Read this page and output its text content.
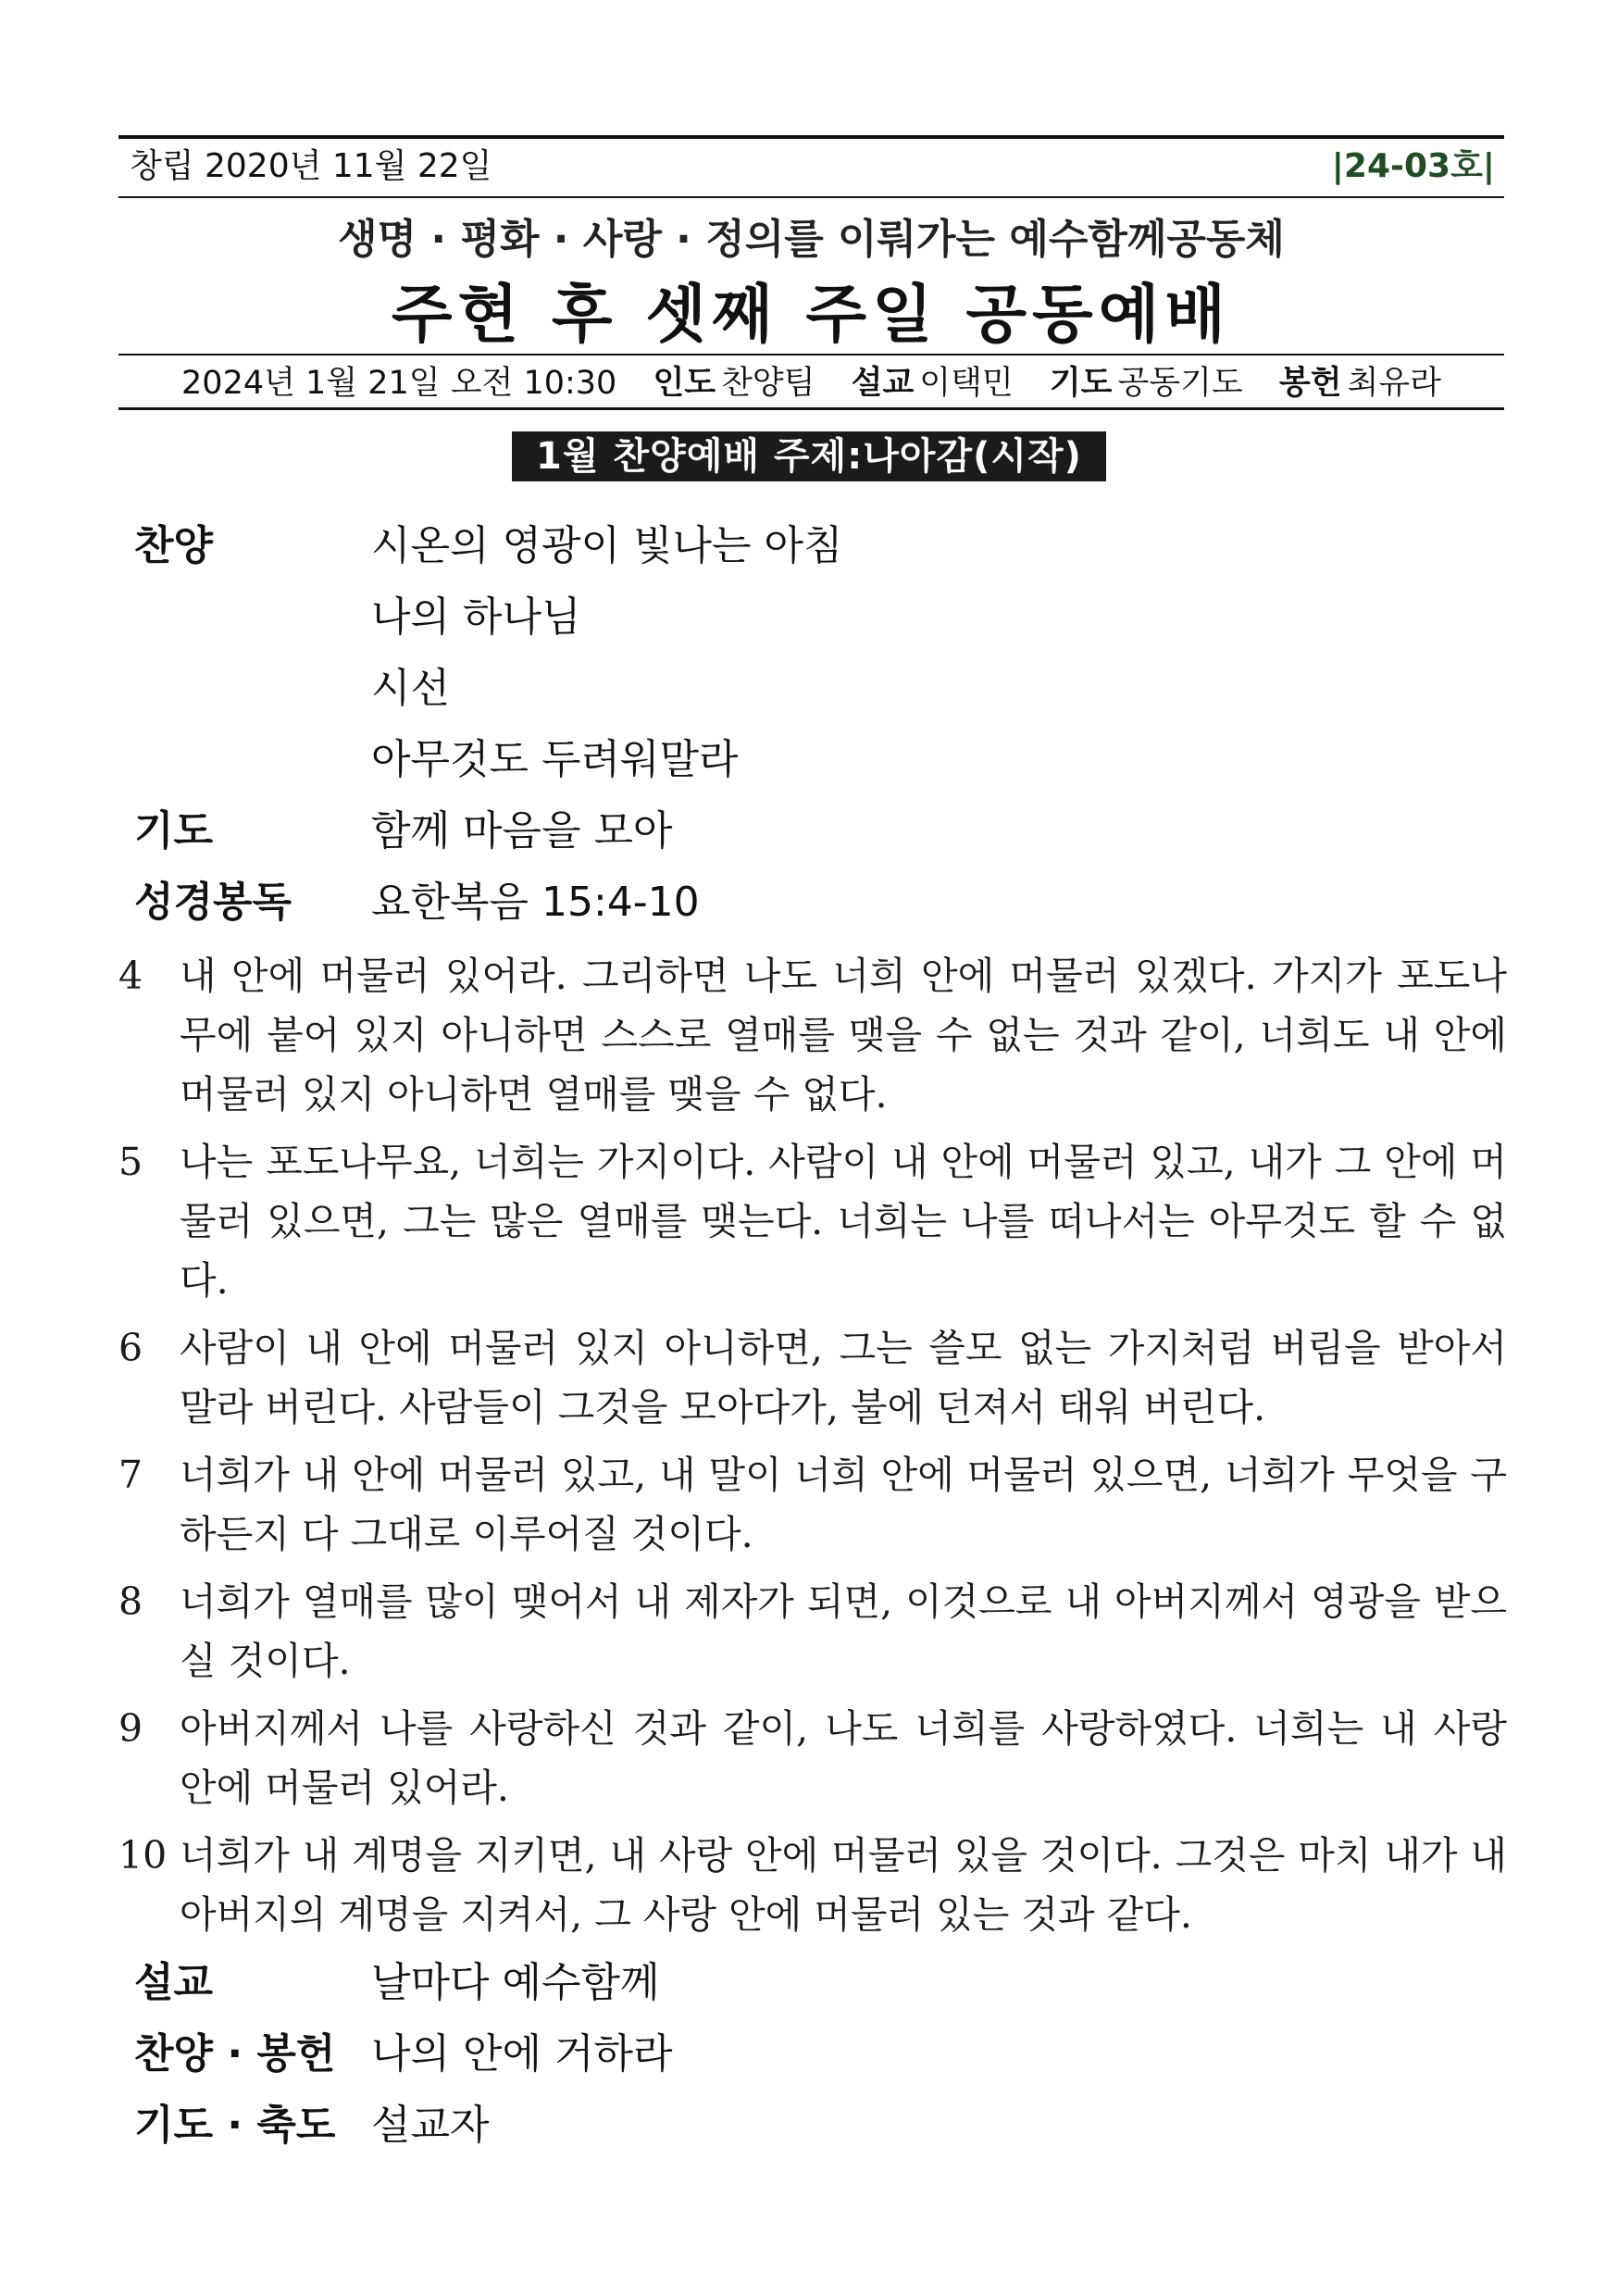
창립 2020년 11월 22일	|24-03호|
생명 · 평화 · 사랑 · 정의를 이뤄가는 예수함께공동체
주현 후 셋째 주일 공동예배
2024년 1월 21일 오전 10:30 인도 찬양팀 설교 이택민 기도 공동기도 봉헌 최유라
1월 찬양예배 주제:나아감(시작)
찬양	시온의 영광이 빛나는 아침
나의 하나님
시선
아무것도 두려워말라
기도	함께 마음을 모아
성경봉독 요한복음 15:4-10
4 내 안에 머물러 있어라. 그리하면 나도 너희 안에 머물러 있겠다. 가지가 포도나무에 붙어 있지 아니하면 스스로 열매를 맺을 수 없는 것과 같이, 너희도 내 안에 머물러 있지 아니하면 열매를 맺을 수 없다.
5 나는 포도나무요, 너희는 가지이다. 사람이 내 안에 머물러 있고, 내가 그 안에 머물러 있으면, 그는 많은 열매를 맺는다. 너희는 나를 떠나서는 아무것도 할 수 없다.
6 사람이 내 안에 머물러 있지 아니하면, 그는 쓸모 없는 가지처럼 버림을 받아서 말라 버린다. 사람들이 그것을 모아다가, 불에 던져서 태워 버린다.
7 너희가 내 안에 머물러 있고, 내 말이 너희 안에 머물러 있으면, 너희가 무엇을 구하든지 다 그대로 이루어질 것이다.
8 너희가 열매를 많이 맺어서 내 제자가 되면, 이것으로 내 아버지께서 영광을 받으실 것이다.
9 아버지께서 나를 사랑하신 것과 같이, 나도 너희를 사랑하였다. 너희는 내 사랑 안에 머물러 있어라.
10 너희가 내 계명을 지키면, 내 사랑 안에 머물러 있을 것이다. 그것은 마치 내가 내 아버지의 계명을 지켜서, 그 사랑 안에 머물러 있는 것과 같다.
설교	날마다 예수함께
찬양 · 봉헌 나의 안에 거하라
기도 · 축도 설교자
